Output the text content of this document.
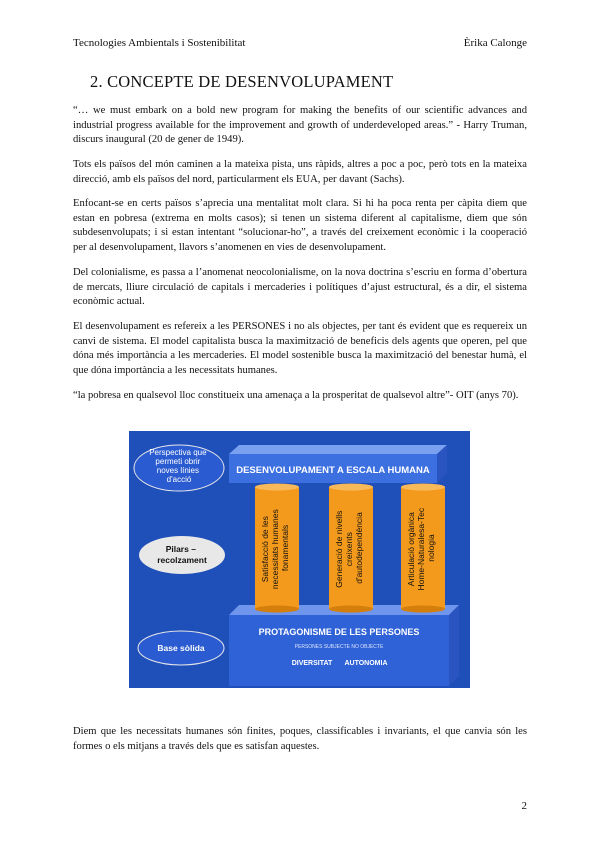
Tecnologies Ambientals i Sostenibilitat	Èrika Calonge
2. CONCEPTE DE DESENVOLUPAMENT

“… we must embark on a bold new program for making the benefits of our scientific advances and industrial progress available for the improvement and growth of underdeveloped areas.” - Harry Truman, discurs inaugural (20 de gener de 1949).

Tots els països del món caminen a la mateixa pista, uns ràpids, altres a poc a poc, però tots en la mateixa direcció, amb els països del nord, particularment els EUA, per davant (Sachs).

Enfocant-se en certs països s’aprecia una mentalitat molt clara. Si hi ha poca renta per càpita diem que estan en pobresa (extrema en molts casos); si tenen un sistema diferent al capitalisme, diem que són subdesenvolupats; i si estan intentant “solucionar-ho”, a través del creixement econòmic i la cooperació per al desenvolupament, llavors s’anomenen en vies de desenvolupament.

Del colonialisme, es passa a l’anomenat neocolonialisme, on la nova doctrina s’escriu en forma d’obertura de mercats, lliure circulació de capitals i mercaderies i polítiques d’ajust estructural, és a dir, el sistema econòmic actual.

El desenvolupament es refereix a les PERSONES i no als objectes, per tant és evident que es requereix un canvi de sistema. El model capitalista busca la maximització de beneficis dels agents que operen, pel que dóna més importància a les mercaderies. El model sostenible busca la maximització del benestar humà, el que dóna importància a les necessitats humanes.

“la pobresa en qualsevol lloc constitueix una amenaça a la prosperitat de qualsevol altre”- OIT (anys 70).

DESENVOLUPAMENT A ESCALA HUMANA
PROTAGONISME DE LES PERSONES
PERSONES SUBJECTE NO OBJECTE
DIVERSITAT AUTONOMIA
Satisfacció de les necessitats humanes fonamentals	Generació de nivells creixents d'autodependència	Articulació orgànica Home-Naturalesa-Tec nologia
Perspectiva que permeti obrir noves línies d'acció
Pilars – recolzament
Base sòlida

Diem que les necessitats humanes són finites, poques, classificables i invariants, el que canvia són les formes o els mitjans a través dels que es satisfan aquestes.

2
